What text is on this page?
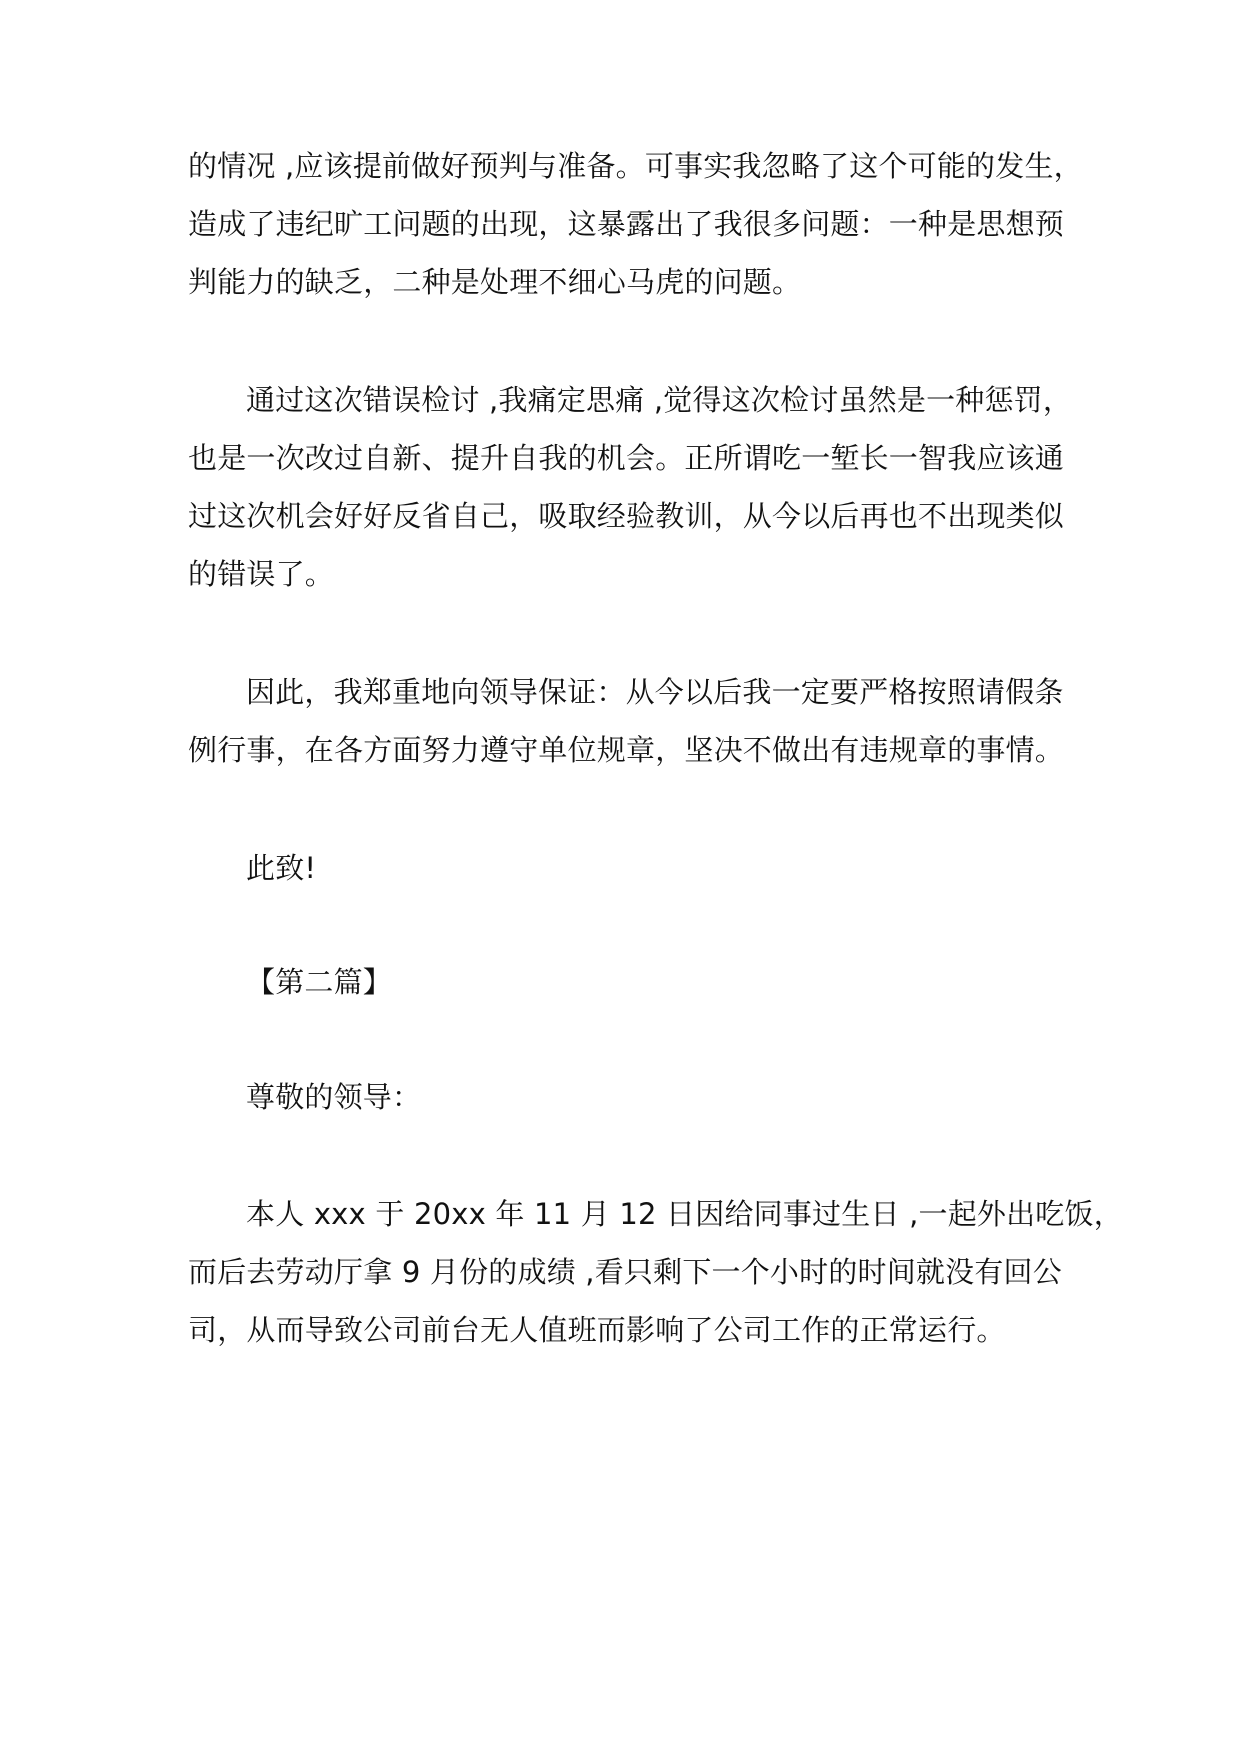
的情况 ,应该提前做好预判与准备。可事实我忽略了这个可能的发生，
造成了违纪旷工问题的出现，这暴露出了我很多问题：一种是思想预
判能力的缺乏，二种是处理不细心马虎的问题。
通过这次错误检讨 ,我痛定思痛 ,觉得这次检讨虽然是一种惩罚，
也是一次改过自新、提升自我的机会。正所谓吃一堑长一智我应该通
过这次机会好好反省自己，吸取经验教训，从今以后再也不出现类似
的错误了。
因此，我郑重地向领导保证：从今以后我一定要严格按照请假条
例行事，在各方面努力遵守单位规章，坚决不做出有违规章的事情。
此致!
【第二篇】
尊敬的领导：
本人 xxx 于 20xx 年 11 月 12 日因给同事过生日 ,一起外出吃饭，
而后去劳动厅拿 9 月份的成绩 ,看只剩下一个小时的时间就没有回公
司，从而导致公司前台无人值班而影响了公司工作的正常运行。
